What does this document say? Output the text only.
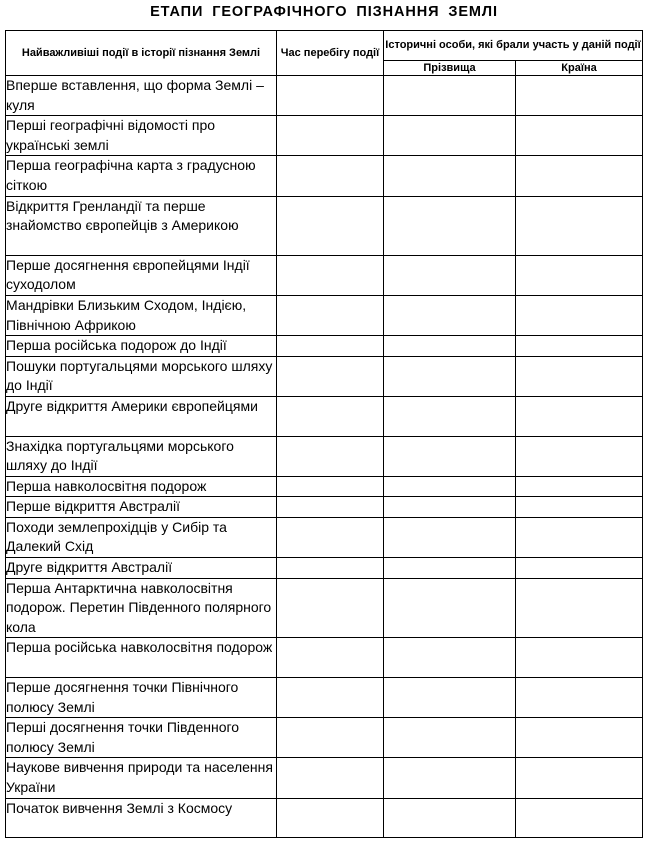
ЕТАПИ ГЕОГРАФІЧНОГО ПІЗНАННЯ ЗЕМЛІ
Найважливіші події в історії пізнання Землі	Час перебігу події	Історичні особи, які брали участь у даній події	
		Прізвища	Країна
Вперше вставлення, що форма Землі – куля			
Перші географічні відомості про українські землі			
Перша географічна карта з градусною сіткою			
Відкриття Гренландії та перше знайомство європейців з Америкою			
Перше досягнення європейцями Індії суходолом			
Мандрівки Близьким Сходом, Індією, Північною Африкою			
Перша російська подорож до Індії			
Пошуки португальцями морського шляху до Індії			
Друге відкриття Америки європейцями			
Знахідка португальцями морського шляху до Індії			
Перша навколосвітня подорож			
Перше відкриття Австралії			
Походи землепрохідців у Сибір та Далекий Схід			
Друге відкриття Австралії			
Перша Антарктична навколосвітня подорож. Перетин Південного полярного кола			
Перша російська навколосвітня подорож			
Перше досягнення точки Північного полюсу Землі			
Перші досягнення точки Південного полюсу Землі			
Наукове вивчення природи та населення України			
Початок вивчення Землі з Космосу			
